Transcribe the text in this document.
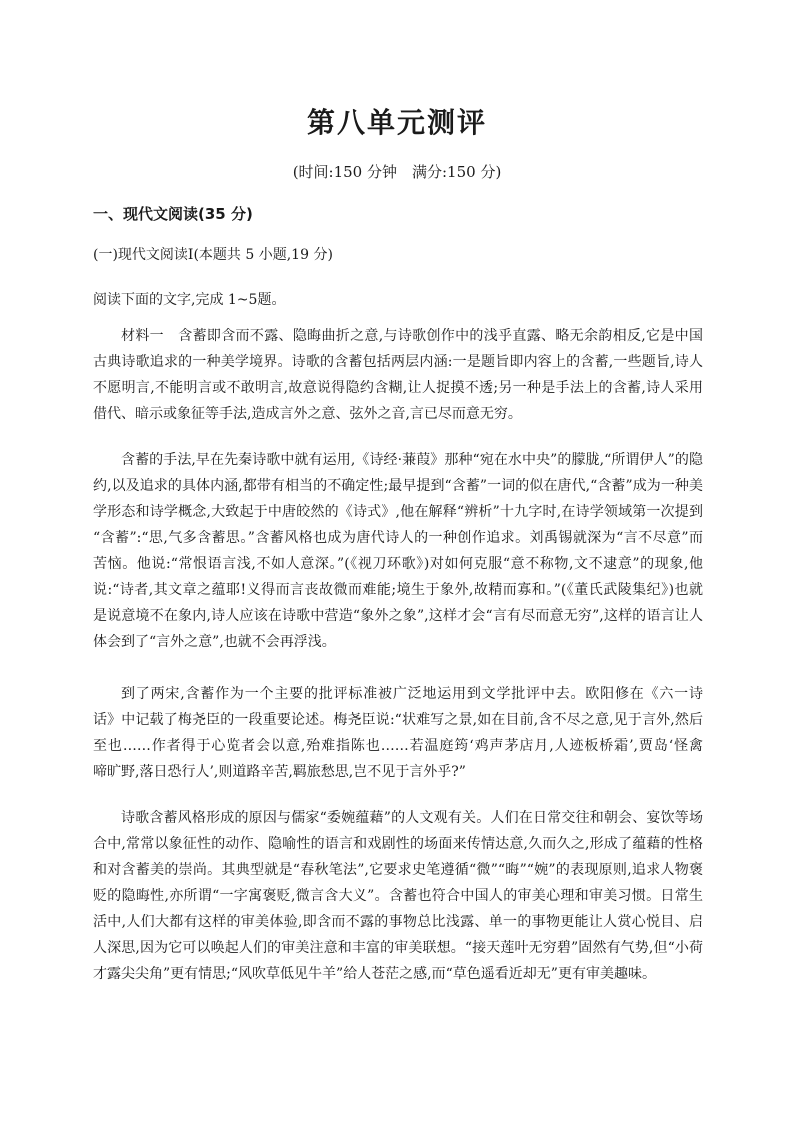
第八单元测评
(时间:150 分钟　满分:150 分)
一、现代文阅读(35 分)
(一)现代文阅读Ⅰ(本题共 5 小题,19 分)
阅读下面的文字,完成 1~5题。
材料一　含蓄即含而不露、隐晦曲折之意,与诗歌创作中的浅乎直露、略无余韵相反,它是中国
古典诗歌追求的一种美学境界。诗歌的含蓄包括两层内涵:一是题旨即内容上的含蓄,一些题旨,诗人
不愿明言,不能明言或不敢明言,故意说得隐约含糊,让人捉摸不透;另一种是手法上的含蓄,诗人采用
借代、暗示或象征等手法,造成言外之意、弦外之音,言已尽而意无穷。
含蓄的手法,早在先秦诗歌中就有运用,《诗经·蒹葭》那种“宛在水中央”的朦胧,“所谓伊人”的隐
约,以及追求的具体内涵,都带有相当的不确定性;最早提到“含蓄”一词的似在唐代,“含蓄”成为一种美
学形态和诗学概念,大致起于中唐皎然的《诗式》,他在解释“辨析”十九字时,在诗学领域第一次提到
“含蓄”:“思,气多含蓄思。”含蓄风格也成为唐代诗人的一种创作追求。刘禹锡就深为“言不尽意”而
苦恼。他说:“常恨语言浅,不如人意深。”(《视刀环歌》)对如何克服“意不称物,文不逮意”的现象,他
说:“诗者,其文章之蕴耶!义得而言丧故微而难能;境生于象外,故精而寡和。”(《董氏武陵集纪》)也就
是说意境不在象内,诗人应该在诗歌中营造“象外之象”,这样才会“言有尽而意无穷”,这样的语言让人
体会到了“言外之意”,也就不会再浮浅。
到了两宋,含蓄作为一个主要的批评标准被广泛地运用到文学批评中去。欧阳修在《六一诗
话》中记载了梅尧臣的一段重要论述。梅尧臣说:“状难写之景,如在目前,含不尽之意,见于言外,然后
至也……作者得于心览者会以意,殆难指陈也……若温庭筠‘鸡声茅店月,人迹板桥霜’,贾岛‘怪禽
啼旷野,落日恐行人’,则道路辛苦,羁旅愁思,岂不见于言外乎?”
诗歌含蓄风格形成的原因与儒家“委婉蕴藉”的人文观有关。人们在日常交往和朝会、宴饮等场
合中,常常以象征性的动作、隐喻性的语言和戏剧性的场面来传情达意,久而久之,形成了蕴藉的性格
和对含蓄美的崇尚。其典型就是“春秋笔法”,它要求史笔遵循“微”“晦”“婉”的表现原则,追求人物褒
贬的隐晦性,亦所谓“一字寓褒贬,微言含大义”。含蓄也符合中国人的审美心理和审美习惯。日常生
活中,人们大都有这样的审美体验,即含而不露的事物总比浅露、单一的事物更能让人赏心悦目、启
人深思,因为它可以唤起人们的审美注意和丰富的审美联想。“接天莲叶无穷碧”固然有气势,但“小荷
才露尖尖角”更有情思;“风吹草低见牛羊”给人苍茫之感,而“草色遥看近却无”更有审美趣味。
